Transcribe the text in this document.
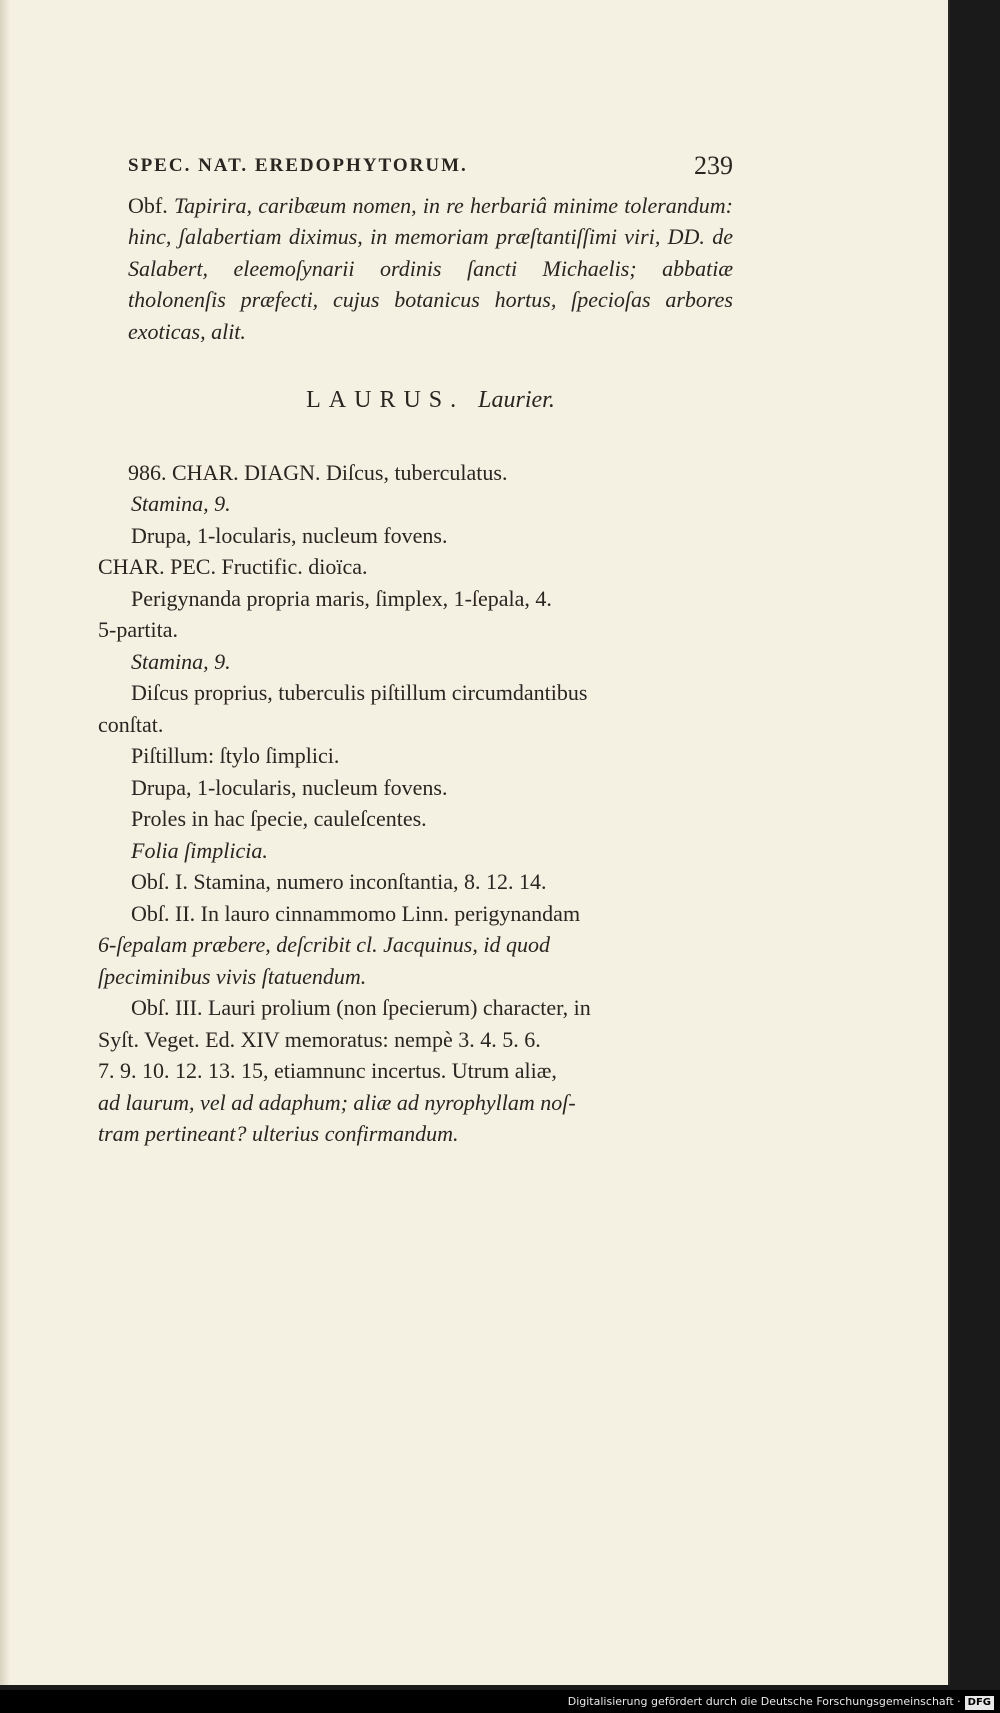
SPEC. NAT. EREDOPHYTORUM.	239

Obf. Tapirira, caribæum nomen, in re herbariâ minime tolerandum: hinc, ʃalabertiam diximus, in memoriam præſtantiſſimi viri, DD. de Salabert, eleemoſynarii ordinis ſancti Michaelis; abbatiæ tholonenſis præfecti, cujus botanicus hortus, ſpecioſas arbores exoticas, alit.

LAURUS. Laurier.

986. CHAR. DIAGN. Diſcus, tuberculatus.

Stamina, 9.

Drupa, 1-locularis, nucleum fovens.

CHAR. PEC. Fructific. dioïca.

Perigynanda propria maris, ſimplex, 1-ſepala, 4.

5-partita.

Stamina, 9.

Diſcus proprius, tuberculis piſtillum circumdantibus

conſtat.

Piſtillum: ſtylo ſimplici.

Drupa, 1-locularis, nucleum fovens.

Proles in hac ſpecie, cauleſcentes.

Folia ſimplicia.

Obſ. I. Stamina, numero inconſtantia, 8. 12. 14.

Obſ. II. In lauro cinnammomo Linn. perigynandam

6-ſepalam præbere, deſcribit cl. Jacquinus, id quod

ſpeciminibus vivis ſtatuendum.

Obſ. III. Lauri prolium (non ſpecierum) character, in

Syſt. Veget. Ed. XIV memoratus: nempè 3. 4. 5. 6.

7. 9. 10. 12. 13. 15, etiamnunc incertus. Utrum aliæ,

ad laurum, vel ad adaphum; aliæ ad nyrophyllam noſ-

tram pertineant? ulterius confirmandum.

Digitalisierung gefördert durch die Deutsche Forschungsgemeinschaft · DFG
